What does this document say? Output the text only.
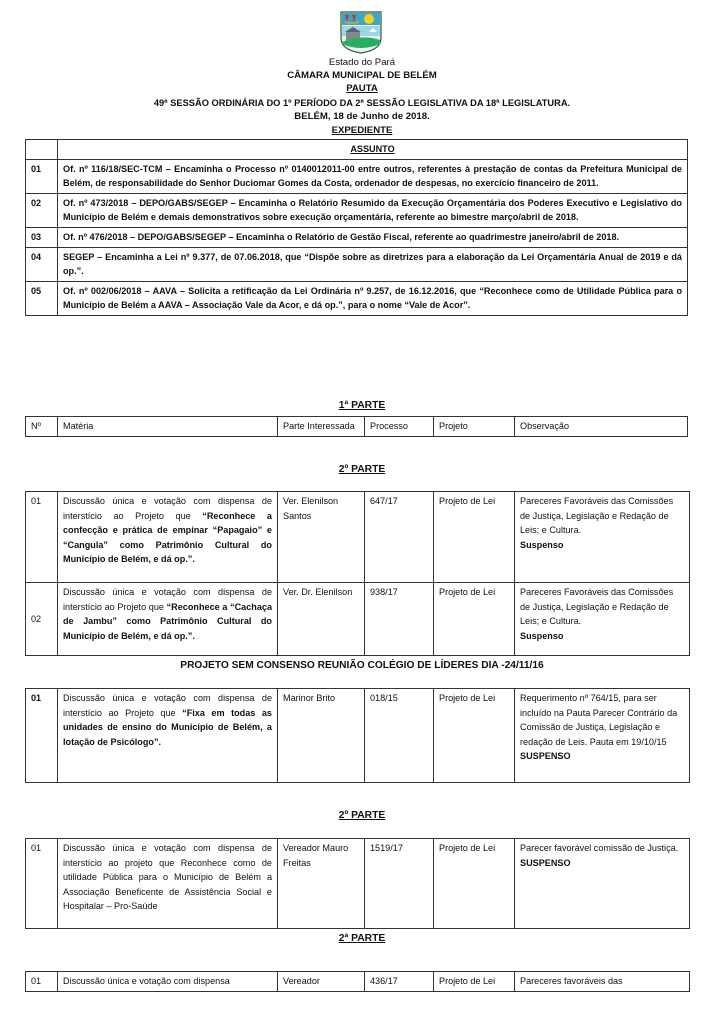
Estado do Pará
CÂMARA MUNICIPAL DE BELÉM
PAUTA
49ª SESSÃO ORDINÁRIA DO 1º PERÍODO DA 2ª SESSÃO LEGISLATIVA DA 18ª LEGISLATURA.
BELÉM, 18 de Junho de 2018.
EXPEDIENTE
	ASSUNTO
01	Of. nº 116/18/SEC-TCM – Encaminha o Processo nº 0140012011-00 entre outros, referentes à prestação de contas da Prefeitura Municipal de Belém, de responsabilidade do Senhor Duciomar Gomes da Costa, ordenador de despesas, no exercício financeiro de 2011.
02	Of. nº 473/2018 – DEPO/GABS/SEGEP – Encaminha o Relatório Resumido da Execução Orçamentária dos Poderes Executivo e Legislativo do Município de Belém e demais demonstrativos sobre execução orçamentária, referente ao bimestre março/abril de 2018.
03	Of. nº 476/2018 – DEPO/GABS/SEGEP – Encaminha o Relatório de Gestão Fiscal, referente ao quadrimestre janeiro/abril de 2018.
04	SEGEP – Encaminha a Lei nº 9.377, de 07.06.2018, que “Dispõe sobre as diretrizes para a elaboração da Lei Orçamentária Anual de 2019 e dá op.”.
05	Of. nº 002/06/2018 – AAVA – Solicita a retificação da Lei Ordinária nº 9.257, de 16.12.2016, que “Reconhece como de Utilidade Pública para o Município de Belém a AAVA – Associação Vale da Acor, e dá op.”, para o nome “Vale de Acor”.
1ª PARTE
Nº	Matéria	Parte Interessada	Processo	Projeto	Observação
2º PARTE
01	Discussão única e votação com dispensa de interstício ao Projeto que “Reconhece a confecção e prática de empinar “Papagaio” e “Cangula” como Patrimônio Cultural do Município de Belém, e dá op.”.	Ver. Elenilson Santos	647/17	Projeto de Lei	Pareceres Favoráveis das Comissões de Justiça, Legislação e Redação de Leis; e Cultura.
Suspenso
02	Discussão única e votação com dispensa de interstício ao Projeto que “Reconhece a “Cachaça de Jambu” como Patrimônio Cultural do Município de Belém, e dá op.”.	Ver. Dr. Elenilson	938/17	Projeto de Lei	Pareceres Favoráveis das Comissões de Justiça, Legislação e Redação de Leis; e Cultura.
Suspenso
PROJETO SEM CONSENSO REUNIÃO COLÉGIO DE LÍDERES DIA -24/11/16
01	Discussão única e votação com dispensa de interstício ao Projeto que “Fixa em todas as unidades de ensino do Município de Belém, a lotação de Psicólogo”.	Marinor Brito	018/15	Projeto de Lei	Requerimento nº 764/15, para ser incluído na Pauta Parecer Contrário da Comissão de Justiça, Legislação e redação de Leis. Pauta em 19/10/15
SUSPENSO
2º PARTE
01	Discussão única e votação com dispensa de interstício ao projeto que Reconhece como de utilidade Pública para o Município de Belém a Associação Beneficente de Assistência Social e Hospitalar – Pro-Saúde	Vereador Mauro Freitas	1519/17	Projeto de Lei	Parecer favorável comissão de Justiça.
SUSPENSO
2ª PARTE
01	Discussão única e votação com dispensa	Vereador	436/17	Projeto de Lei	Pareceres favoráveis das
